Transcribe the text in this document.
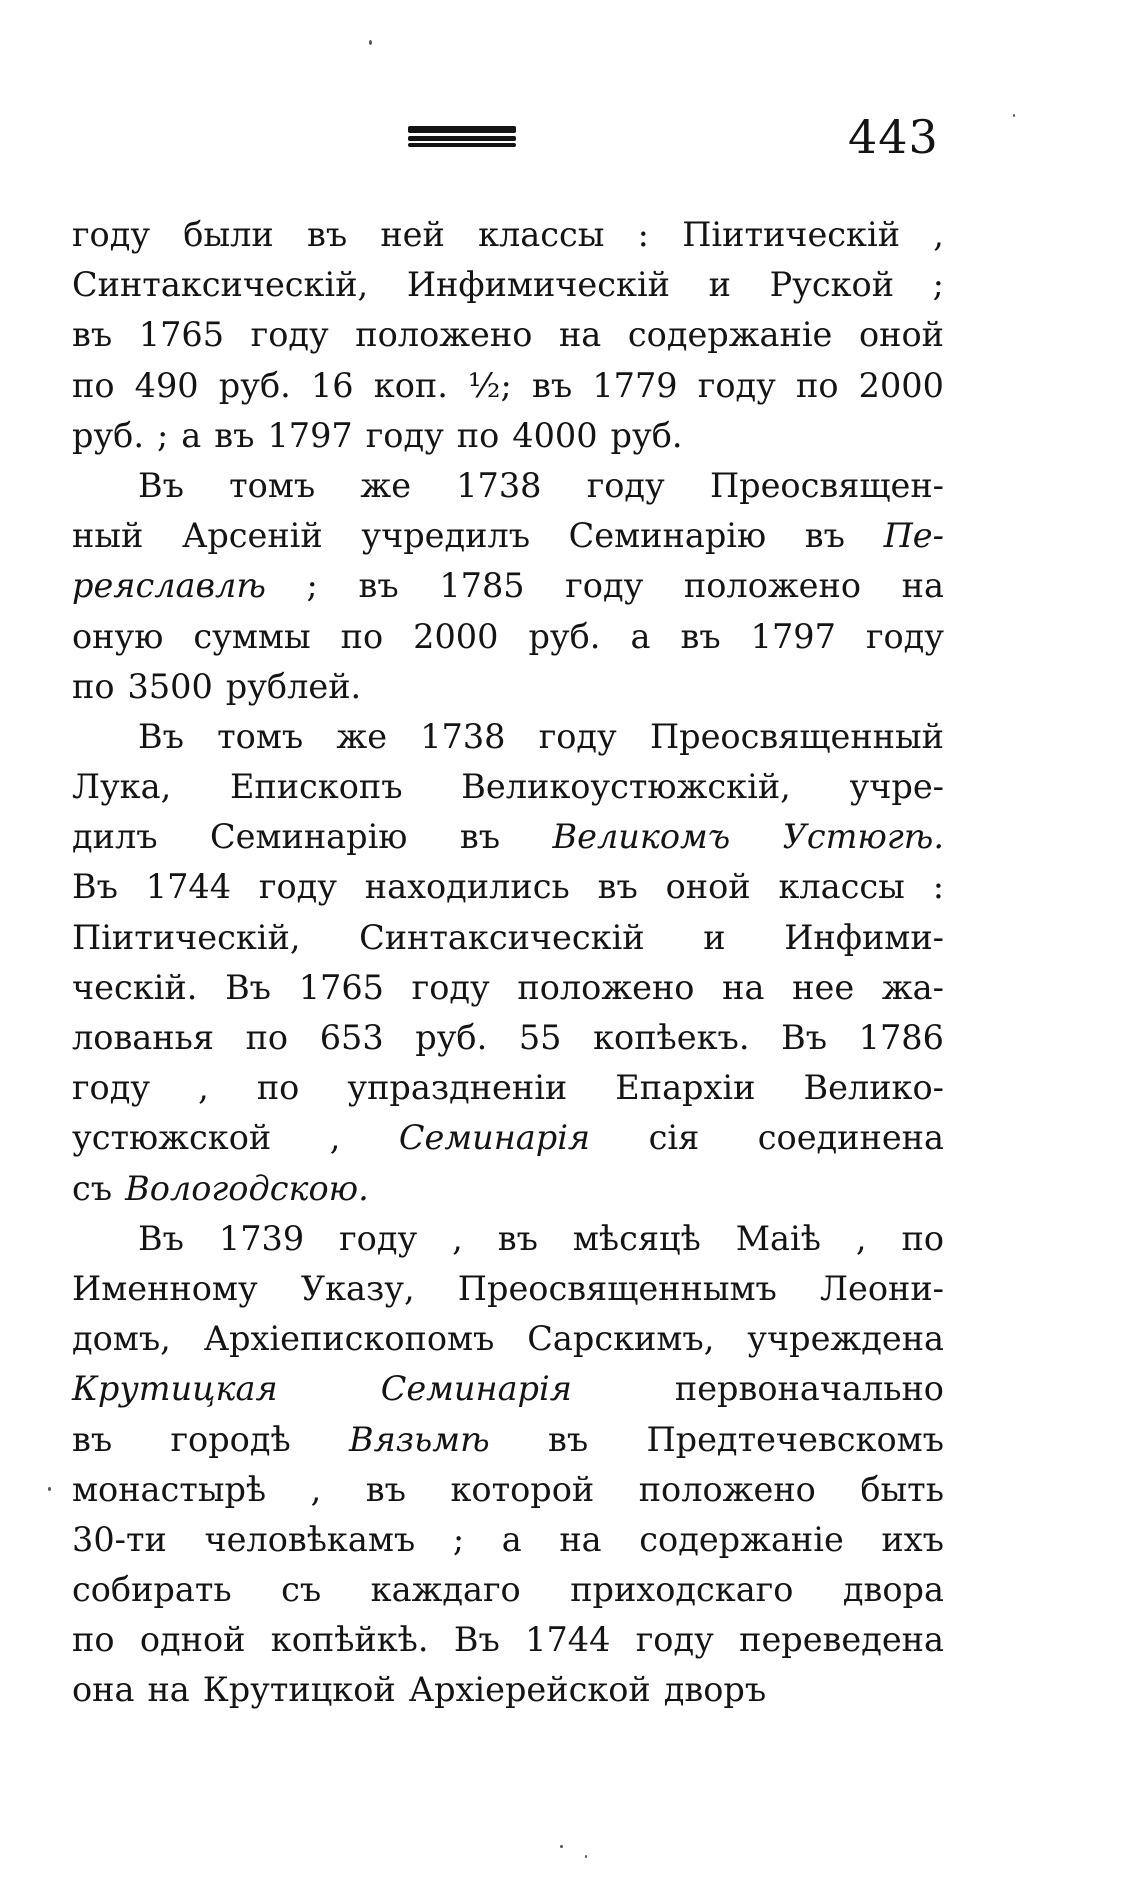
443
году были въ ней классы : Піитическій ,
Синтаксическій, Инфимическій и Руской ;
въ 1765 году положено на содержаніе оной
по 490 руб. 16 коп. ½; въ 1779 году по 2000
руб. ; а въ 1797 году по 4000 руб.
Въ томъ же 1738 году Преосвящен-
ный Арсеній учредилъ Семинарію въ Пе-
реяславлѣ ; въ 1785 году положено на
оную суммы по 2000 руб. а въ 1797 году
по 3500 рублей.
Въ томъ же 1738 году Преосвященный
Лука, Епископъ Великоустюжскій, учре-
дилъ Семинарію въ Великомъ Устюгѣ.
Въ 1744 году находились въ оной классы :
Піитическій, Синтаксическій и Инфими-
ческій. Въ 1765 году положено на нее жа-
лованья по 653 руб. 55 копѣекъ. Въ 1786
году , по упраздненіи Епархіи Велико-
устюжской , Семинарія сія соединена
съ Вологодскою.
Въ 1739 году , въ мѣсяцѣ Маіѣ , по
Именному Указу, Преосвященнымъ Леони-
домъ, Архіепископомъ Сарскимъ, учреждена
Крутицкая	Семинарія	первоначально
въ городѣ Вязьмѣ въ Предтечевскомъ
монастырѣ , въ которой положено быть
30-ти человѣкамъ ; а на содержаніе ихъ
собирать съ каждаго приходскаго двора
по одной копѣйкѣ. Въ 1744 году переведена
она на Крутицкой Архіерейской дворъ
